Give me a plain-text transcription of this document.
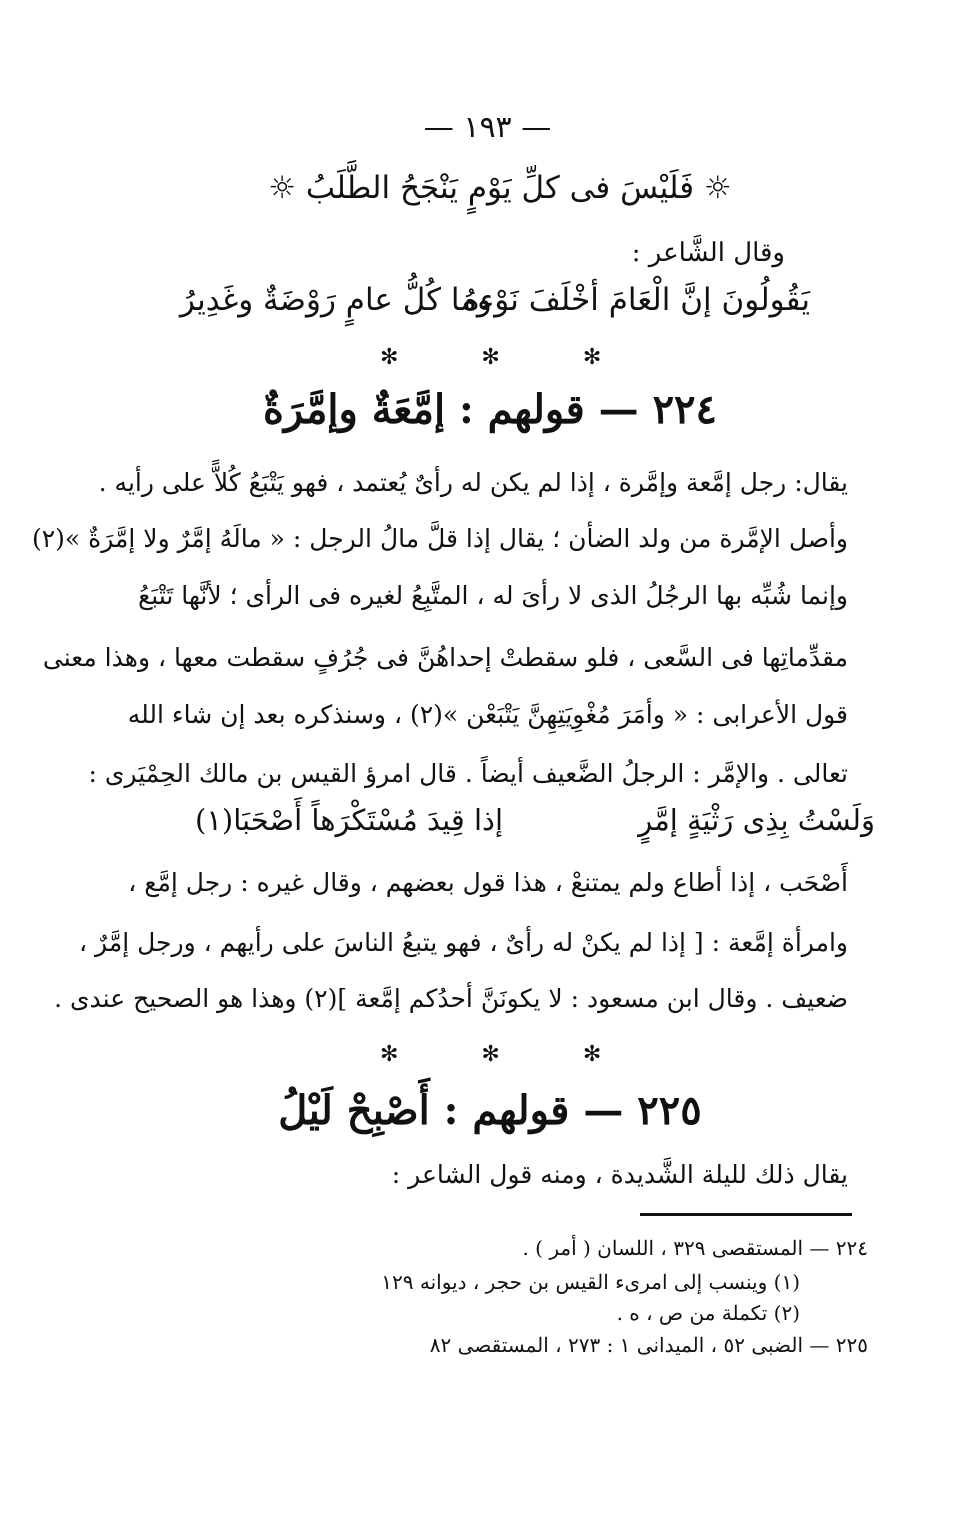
— ١٩٣ —
☼ فَلَيْسَ فى كلِّ يَوْمٍ يَنْجَحُ الطَّلَبُ ☼
وقال الشَّاعر :
يَقُولُونَ إنَّ الْعَامَ أخْلَفَ نَوْءهُ
وما كُلُّ عامٍ رَوْضَةٌ وغَدِيرُ
✻ ✻ ✻
٢٢٤ — قولهم : إمَّعَةٌ وإمَّرَةٌ
يقال: رجل إمَّعة وإمَّرة ، إذا لم يكن له رأىٌ يُعتمد ، فهو يَتْبَعُ كُلاًّ على رأيه .
وأصل الإمَّرة من ولد الضأن ؛ يقال إذا قلَّ مالُ الرجل : « مالَهُ إمَّرٌ ولا إمَّرَةٌ »(٢)
وإنما شُبِّه بها الرجُلُ الذى لا رأىَ له ، المتَّبِعُ لغيره فى الرأى ؛ لأنَّها تَتْبَعُ
مقدِّماتِها فى السَّعى ، فلو سقطتْ إحداهُنَّ فى جُرُفٍ سقطت معها ، وهذا معنى
قول الأعرابى : « وأمَرَ مُغْوِيَتِهِنَّ يَتْبَعْن »(٢) ، وسنذكره بعد إن شاء الله
تعالى . والإمَّر : الرجلُ الضَّعيف أيضاً . قال امرؤ القيس بن مالك الحِمْيَرى :
وَلَسْتُ بِذِى رَثْيَةٍ إمَّرٍ
إذا قِيدَ مُسْتَكْرَهاً أَصْحَبَا(١)
أَصْحَب ، إذا أطاع ولم يمتنعْ ، هذا قول بعضهم ، وقال غيره : رجل إمَّع ،
وامرأة إمَّعة : [ إذا لم يكنْ له رأىٌ ، فهو يتبعُ الناسَ على رأيهم ، ورجل إمَّرٌ ،
ضعيف . وقال ابن مسعود : لا يكونَنَّ أحدُكم إمَّعة ](٢) وهذا هو الصحيح عندى .
✻ ✻ ✻
٢٢٥ — قولهم : أَصْبِحْ لَيْلُ
يقال ذلك لليلة الشَّديدة ، ومنه قول الشاعر :
٢٢٤ — المستقصى ٣٢٩ ، اللسان ( أمر ) .
(١) وينسب إلى امرىء القيس بن حجر ، ديوانه ١٢٩
(٢) تكملة من ص ، ه .
٢٢٥ — الضبى ٥٢ ، الميدانى ١ : ٢٧٣ ، المستقصى ٨٢
